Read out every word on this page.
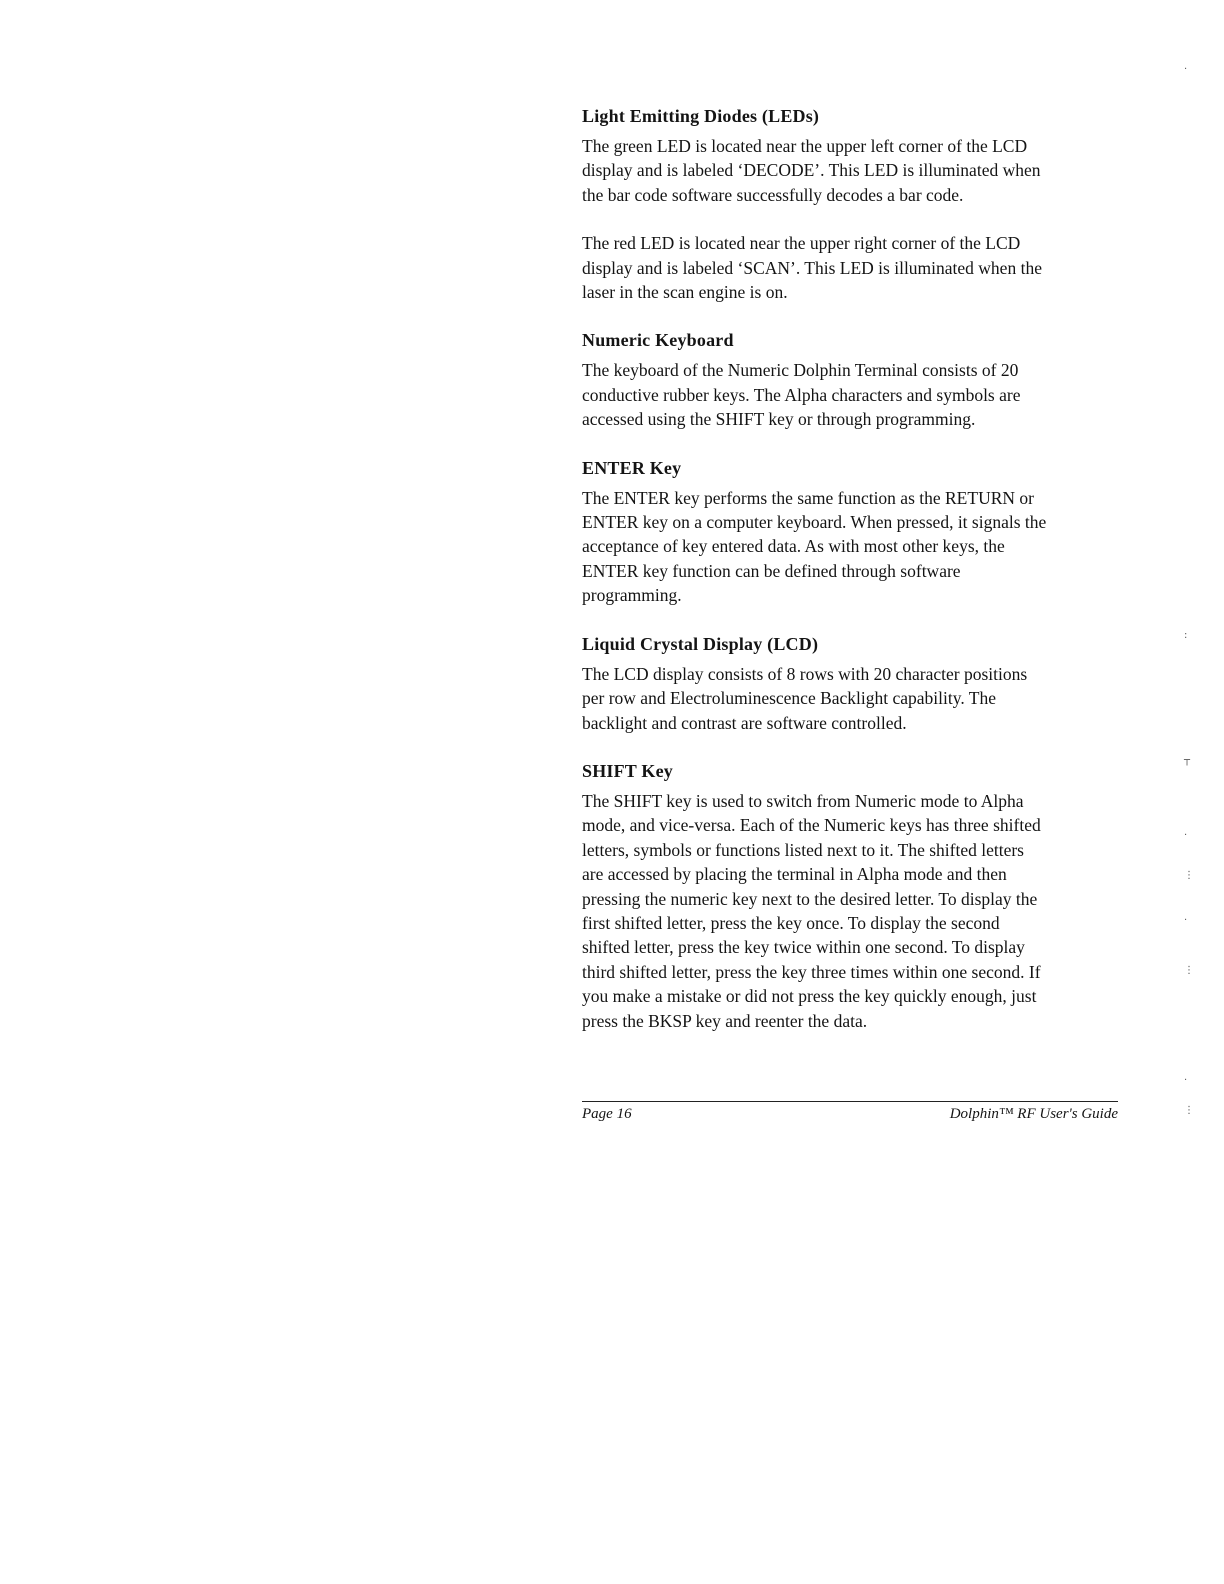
Light Emitting Diodes (LEDs)

The green LED is located near the upper left corner of the LCD
display and is labeled ‘DECODE’. This LED is illuminated when
the bar code software successfully decodes a bar code.

The red LED is located near the upper right corner of the LCD
display and is labeled ‘SCAN’. This LED is illuminated when the
laser in the scan engine is on.

Numeric Keyboard

The keyboard of the Numeric Dolphin Terminal consists of 20
conductive rubber keys. The Alpha characters and symbols are
accessed using the SHIFT key or through programming.

ENTER Key

The ENTER key performs the same function as the RETURN or
ENTER key on a computer keyboard. When pressed, it signals the
acceptance of key entered data. As with most other keys, the
ENTER key function can be defined through software
programming.

Liquid Crystal Display (LCD)

The LCD display consists of 8 rows with 20 character positions
per row and Electroluminescence Backlight capability. The
backlight and contrast are software controlled.

SHIFT Key

The SHIFT key is used to switch from Numeric mode to Alpha
mode, and vice-versa. Each of the Numeric keys has three shifted
letters, symbols or functions listed next to it. The shifted letters
are accessed by placing the terminal in Alpha mode and then
pressing the numeric key next to the desired letter. To display the
first shifted letter, press the key once. To display the second
shifted letter, press the key twice within one second. To display
third shifted letter, press the key three times within one second. If
you make a mistake or did not press the key quickly enough, just
press the BKSP key and reenter the data.

Page 16	Dolphin™ RF User's Guide
·
:
┬
·
⋮
·
⋮
·
⋮
